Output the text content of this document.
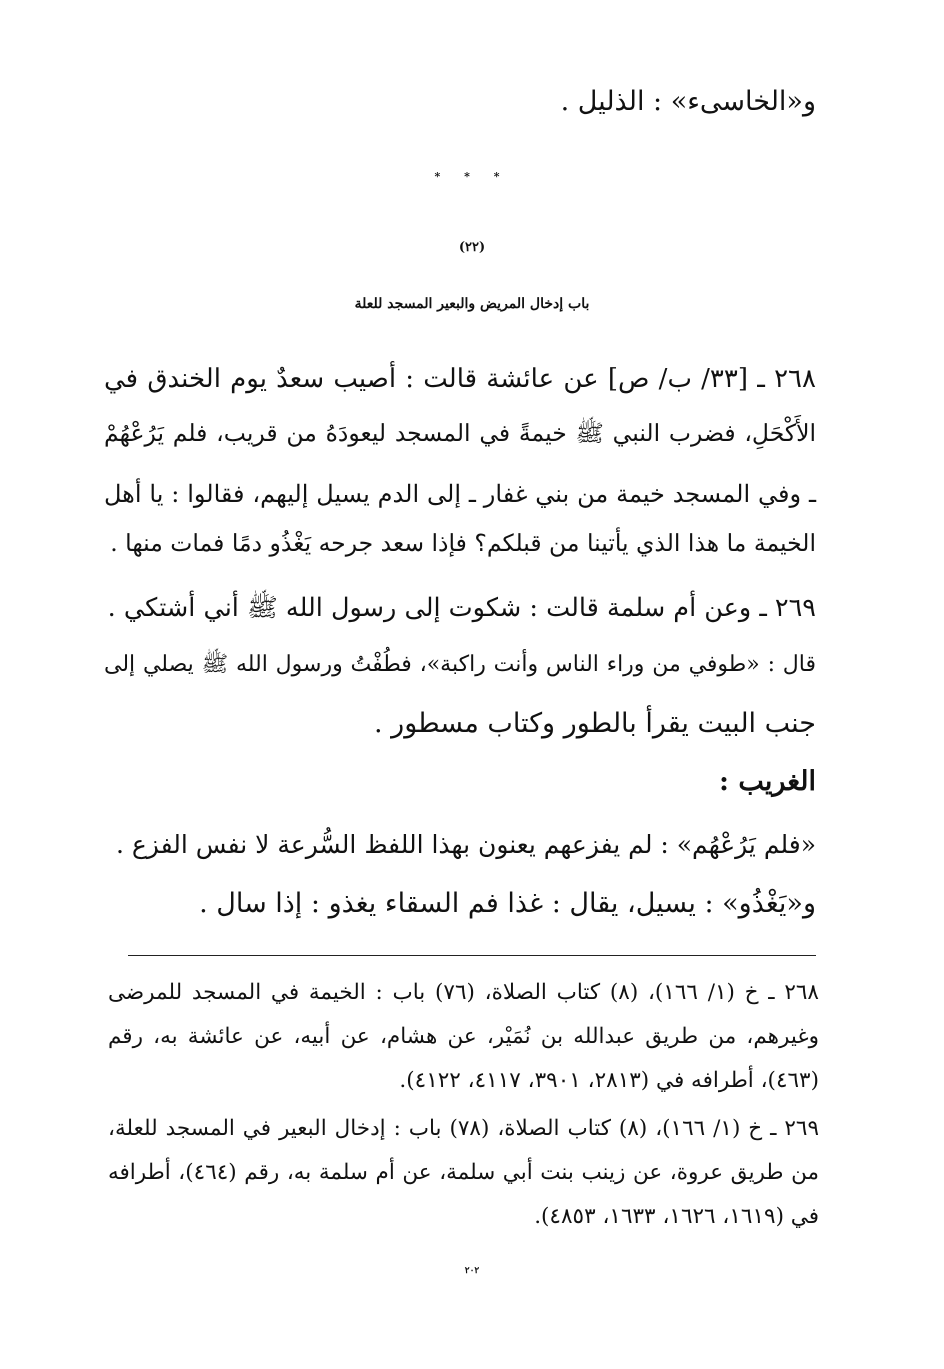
و«الخاسىء» : الذليل .
* * *
(٢٢)
باب إدخال المريض والبعير المسجد للعلة
٢٦٨ ـ [٣٣/ ب/ ص] عن عائشة قالت : أصيب سعدٌ يوم الخندق في
الأَكْحَلِ، فضرب النبي ﷺ خيمةً في المسجد ليعودَهُ من قريب، فلم يَرُعْهُمْ
ـ وفي المسجد خيمة من بني غفار ـ إلى الدم يسيل إليهم، فقالوا : يا أهل
الخيمة ما هذا الذي يأتينا من قبلكم؟ فإذا سعد جرحه يَغْذُو دمًا فمات منها .
٢٦٩ ـ وعن أم سلمة قالت : شكوت إلى رسول الله ﷺ أني أشتكي .
قال : «طوفي من وراء الناس وأنت راكبة»، فطُفْتُ ورسول الله ﷺ يصلي إلى
جنب البيت يقرأ بالطور وكتاب مسطور .
الغريب :
«فلم يَرُعْهُم» : لم يفزعهم يعنون بهذا اللفظ السُّرعة لا نفس الفزع .
و«يَغْذُو» : يسيل، يقال : غذا فم السقاء يغذو : إذا سال .
٢٦٨ ـ خ (١/ ١٦٦)، (٨) كتاب الصلاة، (٧٦) باب : الخيمة في المسجد للمرضى
وغيرهم، من طريق عبدالله بن نُمَيْر، عن هشام، عن أبيه، عن عائشة به، رقم
(٤٦٣)، أطرافه في (٢٨١٣، ٣٩٠١، ٤١١٧، ٤١٢٢).
٢٦٩ ـ خ (١/ ١٦٦)، (٨) كتاب الصلاة، (٧٨) باب : إدخال البعير في المسجد للعلة،
من طريق عروة، عن زينب بنت أبي سلمة، عن أم سلمة به، رقم (٤٦٤)، أطرافه
في (١٦١٩، ١٦٢٦، ١٦٣٣، ٤٨٥٣).
٢٠٢
